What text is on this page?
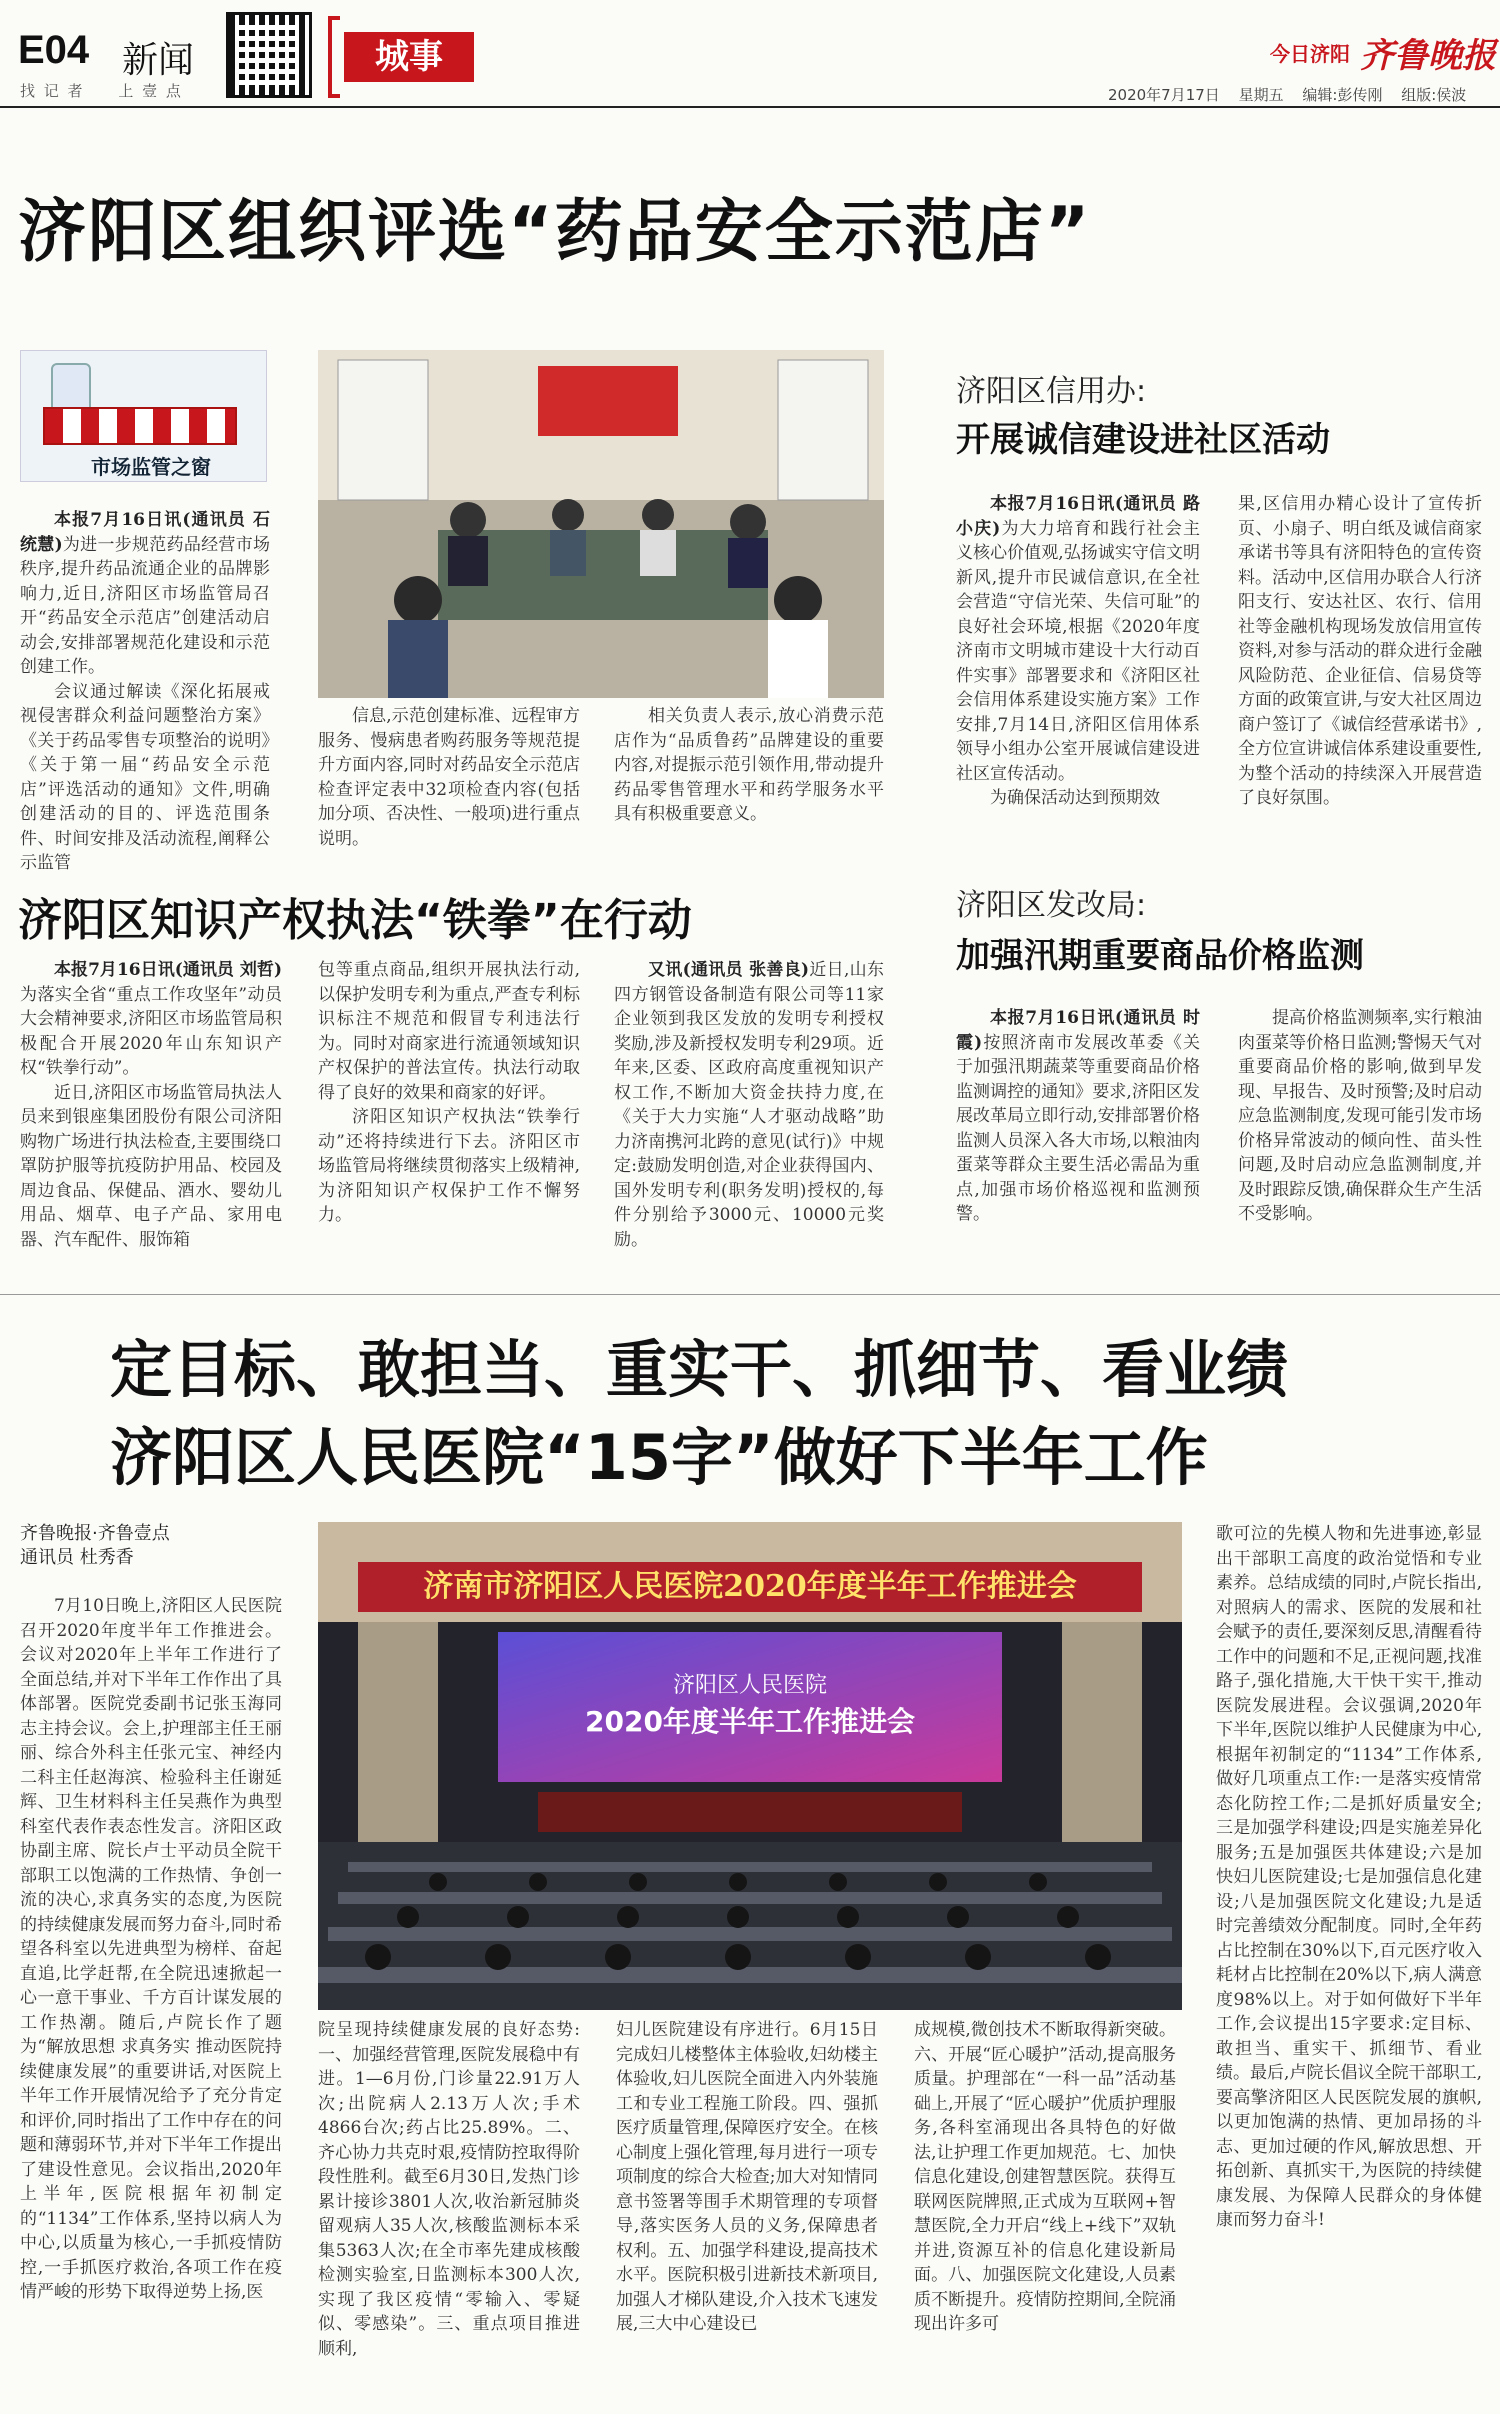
E04 新闻
找 记 者     上 壹 点
城事	今日济阳 齐鲁晚报
2020年7月17日 星期五 编辑:彭传刚 组版:侯波
济阳区组织评选“药品安全示范店”
市场监管之窗

本报7月16日讯(通讯员 石统慧)为进一步规范药品经营市场秩序,提升药品流通企业的品牌影响力,近日,济阳区市场监管局召开“药品安全示范店”创建活动启动会,安排部署规范化建设和示范创建工作。

会议通过解读《深化拓展戒视侵害群众利益问题整治方案》《关于药品零售专项整治的说明》《关于第一届“药品安全示范店”评选活动的通知》文件,明确创建活动的目的、评选范围条件、时间安排及活动流程,阐释公示监管

信息,示范创建标准、远程审方服务、慢病患者购药服务等规范提升方面内容,同时对药品安全示范店检查评定表中32项检查内容(包括加分项、否决性、一般项)进行重点说明。

相关负责人表示,放心消费示范店作为“品质鲁药”品牌建设的重要内容,对提振示范引领作用,带动提升药品零售管理水平和药学服务水平具有积极重要意义。

济阳区信用办:
开展诚信建设进社区活动

本报7月16日讯(通讯员 路小庆)为大力培育和践行社会主义核心价值观,弘扬诚实守信文明新风,提升市民诚信意识,在全社会营造“守信光荣、失信可耻”的良好社会环境,根据《2020年度济南市文明城市建设十大行动百件实事》部署要求和《济阳区社会信用体系建设实施方案》工作安排,7月14日,济阳区信用体系领导小组办公室开展诚信建设进社区宣传活动。

为确保活动达到预期效

果,区信用办精心设计了宣传折页、小扇子、明白纸及诚信商家承诺书等具有济阳特色的宣传资料。活动中,区信用办联合人行济阳支行、安达社区、农行、信用社等金融机构现场发放信用宣传资料,对参与活动的群众进行金融风险防范、企业征信、信易贷等方面的政策宣讲,与安大社区周边商户签订了《诚信经营承诺书》,全方位宣讲诚信体系建设重要性,为整个活动的持续深入开展营造了良好氛围。

济阳区知识产权执法“铁拳”在行动

本报7月16日讯(通讯员 刘哲)为落实全省“重点工作攻坚年”动员大会精神要求,济阳区市场监管局积极配合开展2020年山东知识产权“铁拳行动”。

近日,济阳区市场监管局执法人员来到银座集团股份有限公司济阳购物广场进行执法检查,主要围绕口罩防护服等抗疫防护用品、校园及周边食品、保健品、酒水、婴幼儿用品、烟草、电子产品、家用电器、汽车配件、服饰箱

包等重点商品,组织开展执法行动,以保护发明专利为重点,严查专利标识标注不规范和假冒专利违法行为。同时对商家进行流通领域知识产权保护的普法宣传。执法行动取得了良好的效果和商家的好评。

济阳区知识产权执法“铁拳行动”还将持续进行下去。济阳区市场监管局将继续贯彻落实上级精神,为济阳知识产权保护工作不懈努力。

又讯(通讯员 张善良)近日,山东四方钢管设备制造有限公司等11家企业领到我区发放的发明专利授权奖励,涉及新授权发明专利29项。近年来,区委、区政府高度重视知识产权工作,不断加大资金扶持力度,在《关于大力实施“人才驱动战略”助力济南携河北跨的意见(试行)》中规定:鼓励发明创造,对企业获得国内、国外发明专利(职务发明)授权的,每件分别给予3000元、10000元奖励。

济阳区发改局:
加强汛期重要商品价格监测

本报7月16日讯(通讯员 时霞)按照济南市发展改革委《关于加强汛期蔬菜等重要商品价格监测调控的通知》要求,济阳区发展改革局立即行动,安排部署价格监测人员深入各大市场,以粮油肉蛋菜等群众主要生活必需品为重点,加强市场价格巡视和监测预警。

提高价格监测频率,实行粮油肉蛋菜等价格日监测;警惕天气对重要商品价格的影响,做到早发现、早报告、及时预警;及时启动应急监测制度,发现可能引发市场价格异常波动的倾向性、苗头性问题,及时启动应急监测制度,并及时跟踪反馈,确保群众生产生活不受影响。

定目标、敢担当、重实干、抓细节、看业绩
济阳区人民医院“15字”做好下半年工作
齐鲁晚报·齐鲁壹点
通讯员 杜秀香
济南市济阳区人民医院2020年度半年工作推进会
济阳区人民医院
2020年度半年工作推进会

7月10日晚上,济阳区人民医院召开2020年度半年工作推进会。会议对2020年上半年工作进行了全面总结,并对下半年工作作出了具体部署。医院党委副书记张玉海同志主持会议。会上,护理部主任王丽丽、综合外科主任张元宝、神经内二科主任赵海滨、检验科主任谢延辉、卫生材料科主任吴燕作为典型科室代表作表态性发言。济阳区政协副主席、院长卢士平动员全院干部职工以饱满的工作热情、争创一流的决心,求真务实的态度,为医院的持续健康发展而努力奋斗,同时希望各科室以先进典型为榜样、奋起直追,比学赶帮,在全院迅速掀起一心一意干事业、千方百计谋发展的工作热潮。随后,卢院长作了题为“解放思想 求真务实 推动医院持续健康发展”的重要讲话,对医院上半年工作开展情况给予了充分肯定和评价,同时指出了工作中存在的问题和薄弱环节,并对下半年工作提出了建设性意见。会议指出,2020年上半年,医院根据年初制定的“1134”工作体系,坚持以病人为中心,以质量为核心,一手抓疫情防控,一手抓医疗救治,各项工作在疫情严峻的形势下取得逆势上扬,医

院呈现持续健康发展的良好态势:一、加强经营管理,医院发展稳中有进。1—6月份,门诊量22.91万人次;出院病人2.13万人次;手术4866台次;药占比25.89%。二、齐心协力共克时艰,疫情防控取得阶段性胜利。截至6月30日,发热门诊累计接诊3801人次,收治新冠肺炎留观病人35人次,核酸监测标本采集5363人次;在全市率先建成核酸检测实验室,日监测标本300人次,实现了我区疫情“零输入、零疑似、零感染”。三、重点项目推进顺利,

妇儿医院建设有序进行。6月15日完成妇儿楼整体主体验收,妇幼楼主体验收,妇儿医院全面进入内外装施工和专业工程施工阶段。四、强抓医疗质量管理,保障医疗安全。在核心制度上强化管理,每月进行一项专项制度的综合大检查;加大对知情同意书签署等围手术期管理的专项督导,落实医务人员的义务,保障患者权利。五、加强学科建设,提高技术水平。医院积极引进新技术新项目,加强人才梯队建设,介入技术飞速发展,三大中心建设已

成规模,微创技术不断取得新突破。六、开展“匠心暖护”活动,提高服务质量。护理部在“一科一品”活动基础上,开展了“匠心暖护”优质护理服务,各科室涌现出各具特色的好做法,让护理工作更加规范。七、加快信息化建设,创建智慧医院。获得互联网医院牌照,正式成为互联网+智慧医院,全力开启“线上+线下”双轨并进,资源互补的信息化建设新局面。八、加强医院文化建设,人员素质不断提升。疫情防控期间,全院涌现出许多可

歌可泣的先模人物和先进事迹,彰显出干部职工高度的政治觉悟和专业素养。总结成绩的同时,卢院长指出,对照病人的需求、医院的发展和社会赋予的责任,要深刻反思,清醒看待工作中的问题和不足,正视问题,找准路子,强化措施,大干快干实干,推动医院发展进程。会议强调,2020年下半年,医院以维护人民健康为中心,根据年初制定的“1134”工作体系,做好几项重点工作:一是落实疫情常态化防控工作;二是抓好质量安全;三是加强学科建设;四是实施差异化服务;五是加强医共体建设;六是加快妇儿医院建设;七是加强信息化建设;八是加强医院文化建设;九是适时完善绩效分配制度。同时,全年药占比控制在30%以下,百元医疗收入耗材占比控制在20%以下,病人满意度98%以上。对于如何做好下半年工作,会议提出15字要求:定目标、敢担当、重实干、抓细节、看业绩。最后,卢院长倡议全院干部职工,要高擎济阳区人民医院发展的旗帜,以更加饱满的热情、更加昂扬的斗志、更加过硬的作风,解放思想、开拓创新、真抓实干,为医院的持续健康发展、为保障人民群众的身体健康而努力奋斗!
